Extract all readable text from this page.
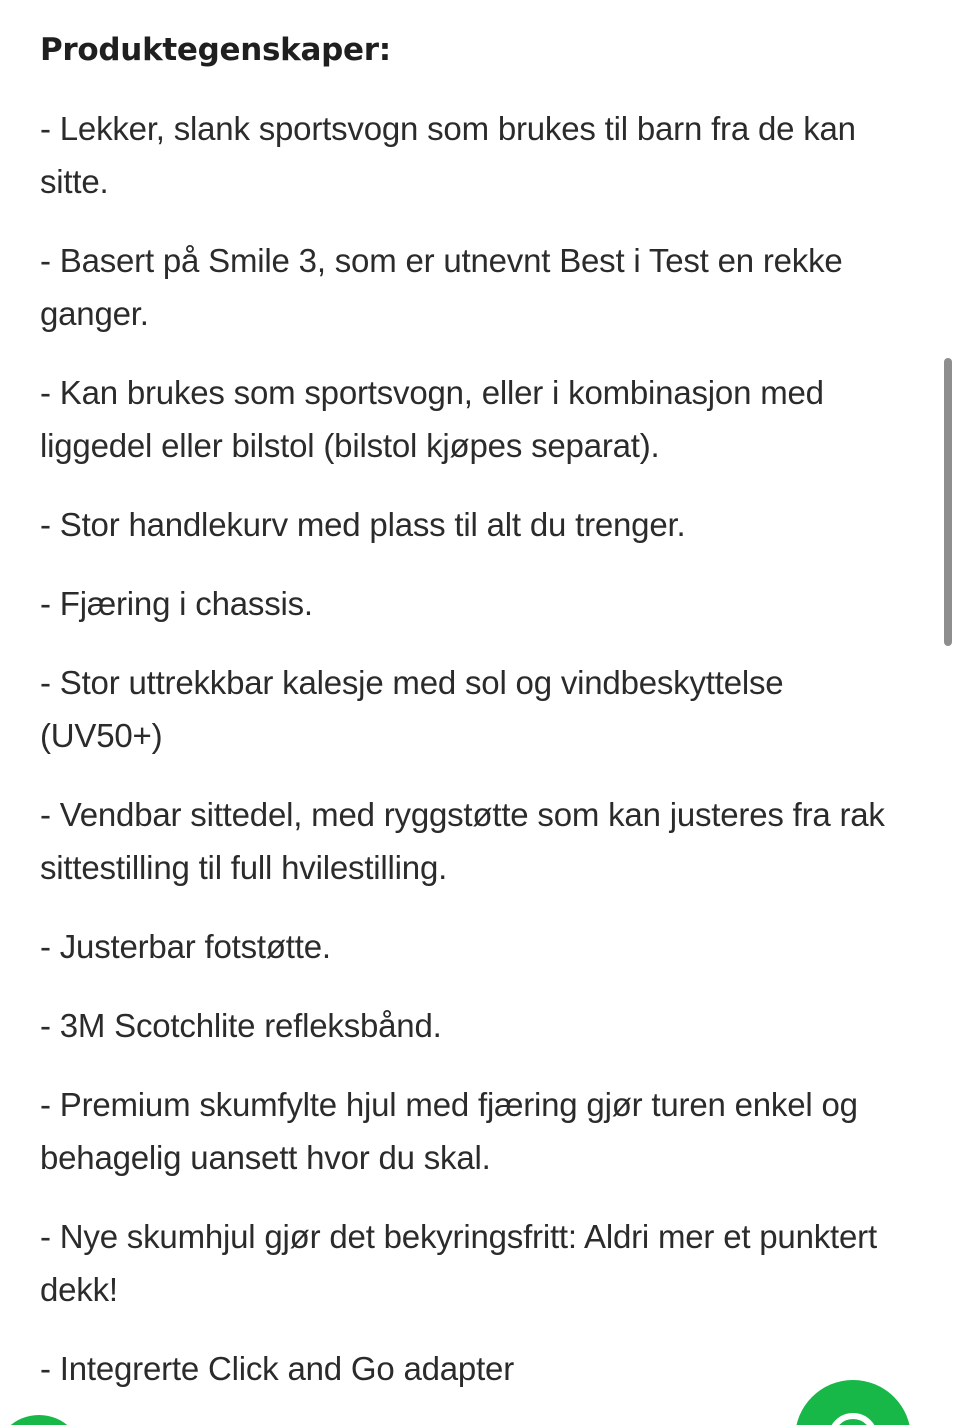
Produktegenskaper:
- Lekker, slank sportsvogn som brukes til barn fra de kan sitte.
- Basert på Smile 3, som er utnevnt Best i Test en rekke ganger.
- Kan brukes som sportsvogn, eller i kombinasjon med liggedel eller bilstol (bilstol kjøpes separat).
- Stor handlekurv med plass til alt du trenger.
- Fjæring i chassis.
- Stor uttrekkbar kalesje med sol og vindbeskyttelse (UV50+)
- Vendbar sittedel, med ryggstøtte som kan justeres fra rak sittestilling til full hvilestilling.
- Justerbar fotstøtte.
- 3M Scotchlite refleksbånd.
- Premium skumfylte hjul med fjæring gjør turen enkel og behagelig uansett hvor du skal.
- Nye skumhjul gjør det bekyringsfritt: Aldri mer et punktert dekk!
- Integrerte Click and Go adapter
